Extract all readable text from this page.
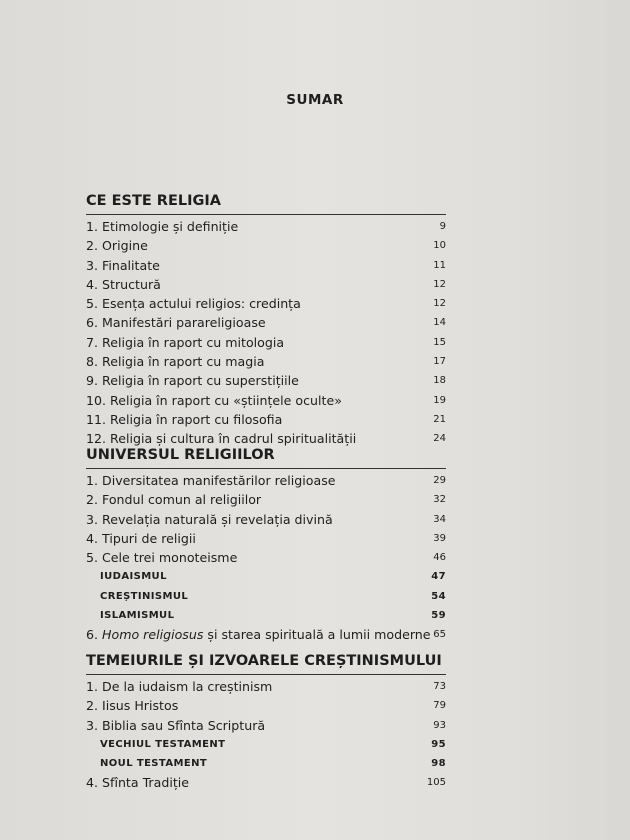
SUMAR
CE ESTE RELIGIA
1. Etimologie și definiție	9
2. Origine	10
3. Finalitate	11
4. Structură	12
5. Esența actului religios: credința	12
6. Manifestări parareligioase	14
7. Religia în raport cu mitologia	15
8. Religia în raport cu magia	17
9. Religia în raport cu superstițiile	18
10. Religia în raport cu «științele oculte»	19
11. Religia în raport cu filosofia	21
12. Religia și cultura în cadrul spiritualității	24
UNIVERSUL RELIGIILOR
1. Diversitatea manifestărilor religioase	29
2. Fondul comun al religiilor	32
3. Revelația naturală și revelația divină	34
4. Tipuri de religii	39
5. Cele trei monoteisme	46
IUDAISMUL	47
CREȘTINISMUL	54
ISLAMISMUL	59
6. Homo religiosus și starea spirituală a lumii moderne 65
TEMEIURILE ȘI IZVOARELE CREȘTINISMULUI
1. De la iudaism la creștinism	73
2. Iisus Hristos	79
3. Biblia sau Sfînta Scriptură	93
VECHIUL TESTAMENT	95
NOUL TESTAMENT	98
4. Sfînta Tradiție	105
